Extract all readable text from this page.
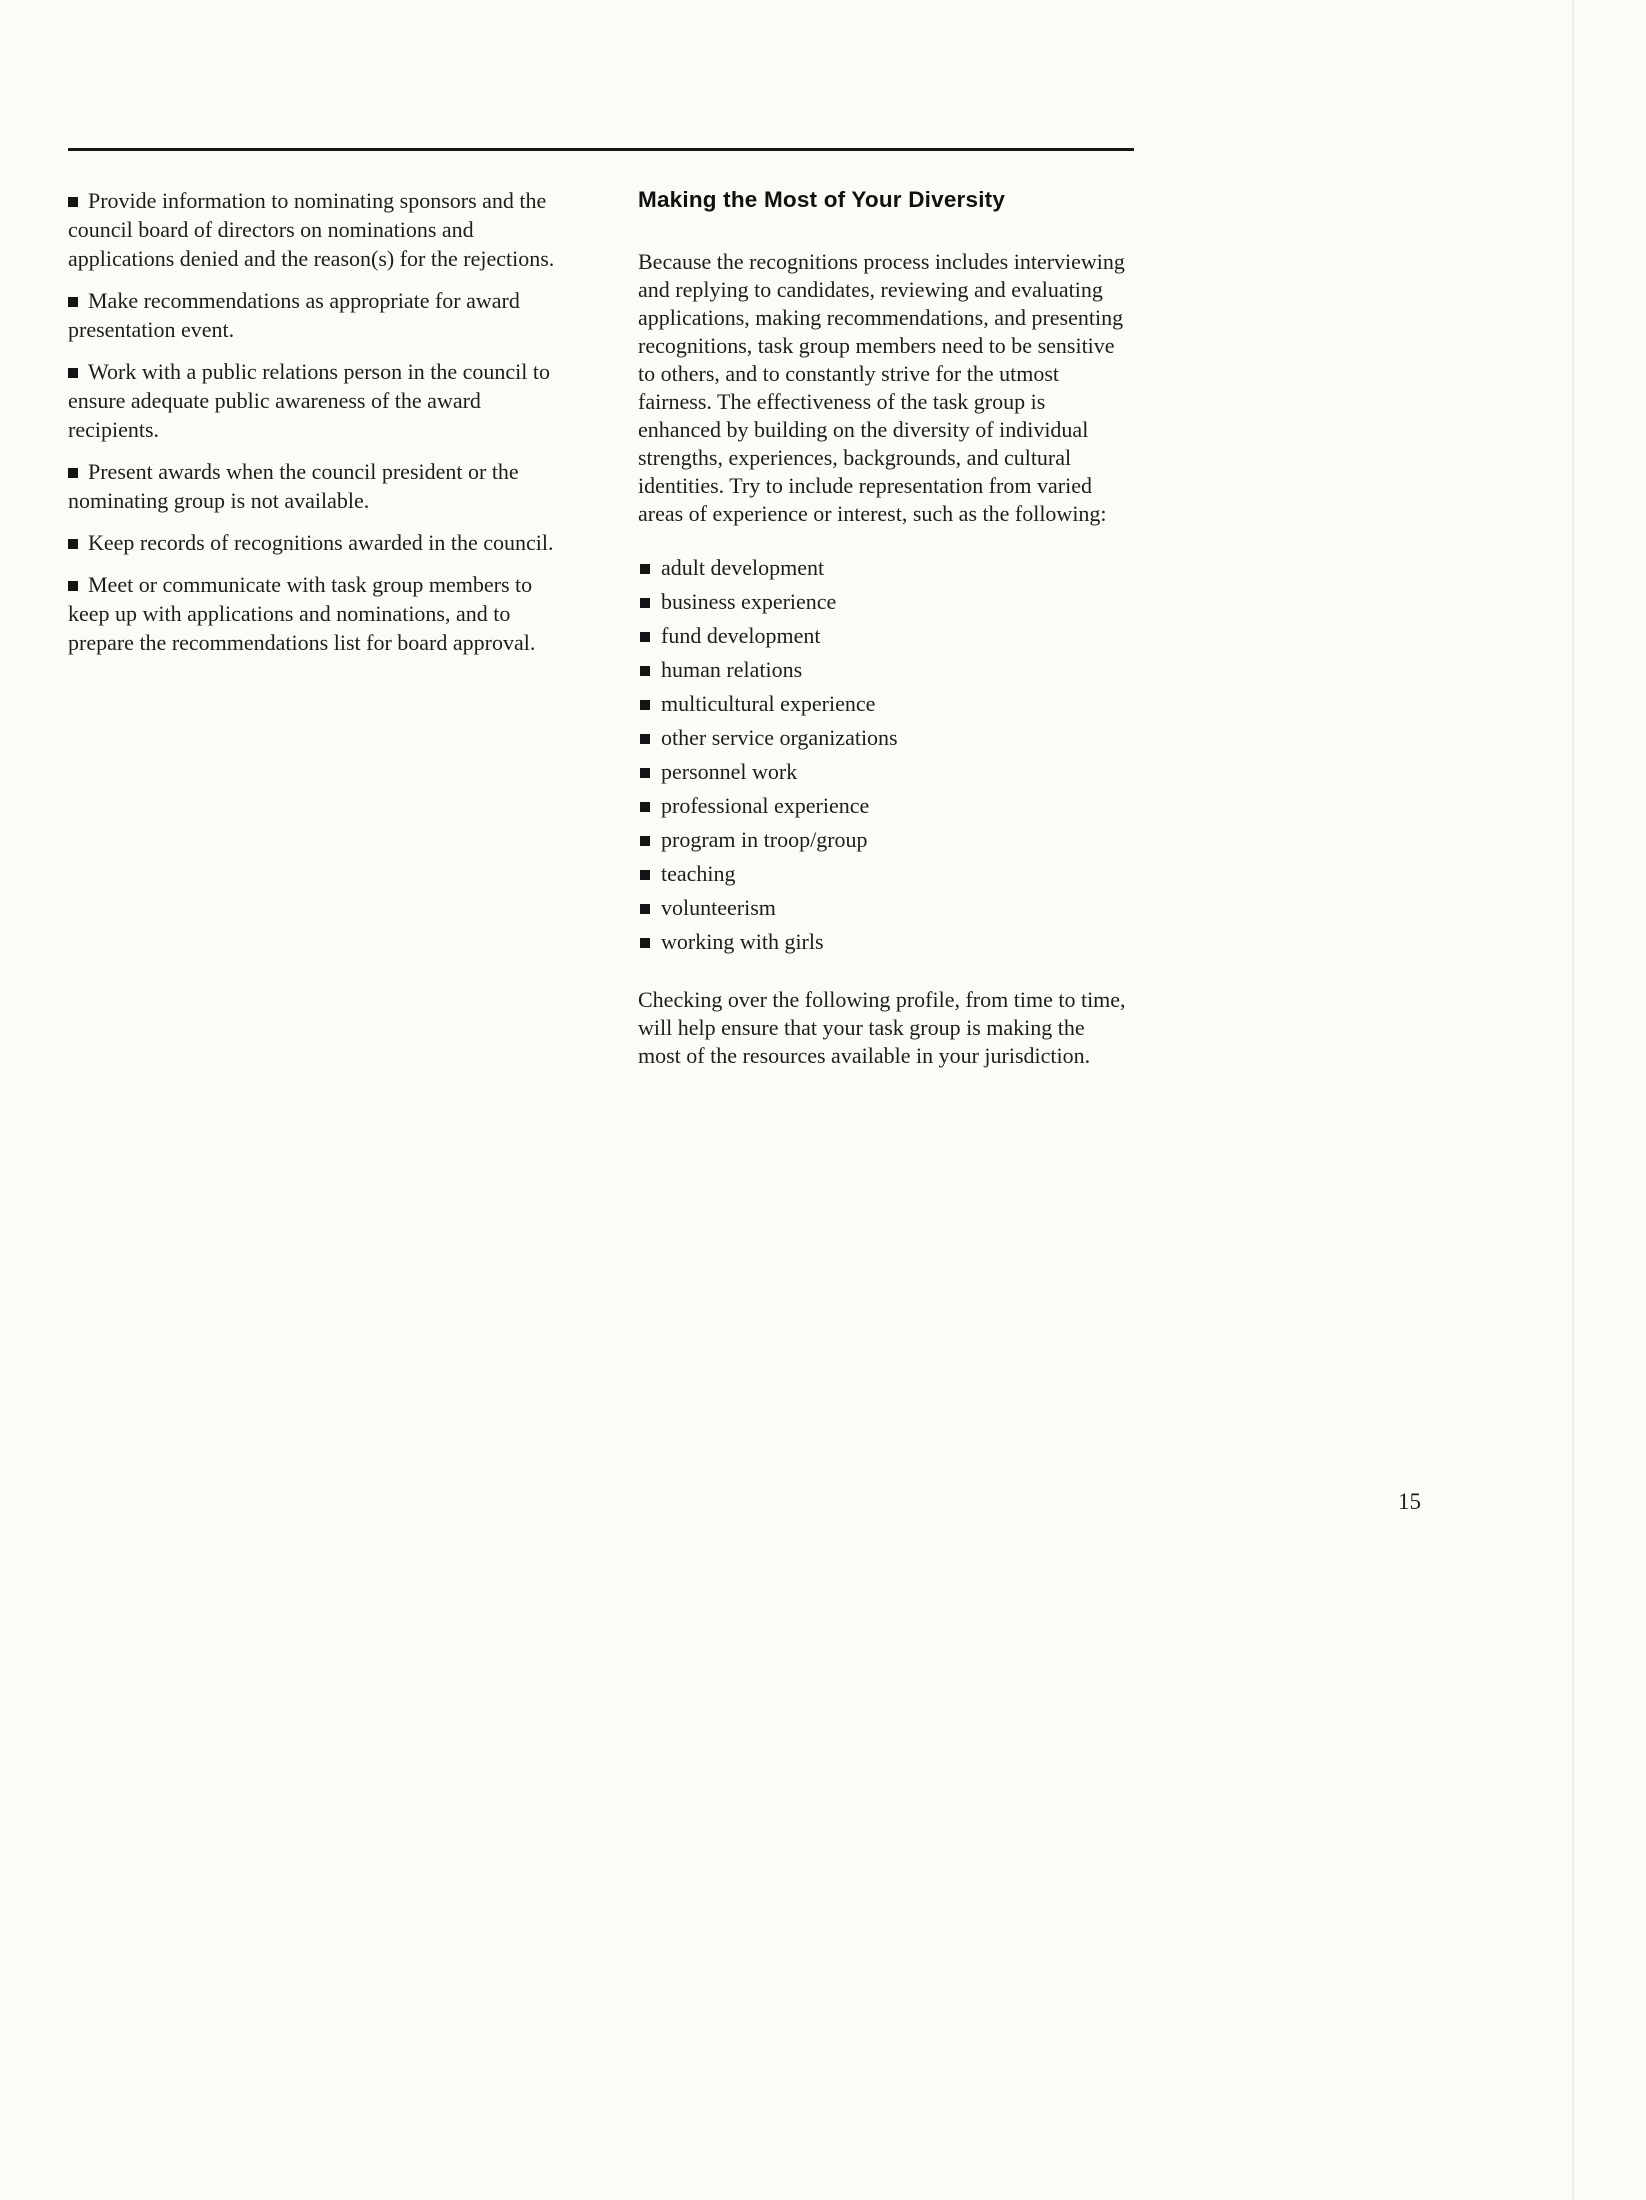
Provide information to nominating sponsors and the council board of directors on nominations and applications denied and the reason(s) for the rejections.
Make recommendations as appropriate for award presentation event.
Work with a public relations person in the council to ensure adequate public awareness of the award recipients.
Present awards when the council president or the nominating group is not available.
Keep records of recognitions awarded in the council.
Meet or communicate with task group members to keep up with applications and nominations, and to prepare the recommendations list for board approval.
Making the Most of Your Diversity

Because the recognitions process includes interviewing and replying to candidates, reviewing and evaluating applications, making recommendations, and presenting recognitions, task group members need to be sensitive to others, and to constantly strive for the utmost fairness. The effectiveness of the task group is enhanced by building on the diversity of individual strengths, experiences, backgrounds, and cultural identities. Try to include representation from varied areas of experience or interest, such as the following:

adult development
business experience
fund development
human relations
multicultural experience
other service organizations
personnel work
professional experience
program in troop/group
teaching
volunteerism
working with girls

Checking over the following profile, from time to time, will help ensure that your task group is making the most of the resources available in your jurisdiction.

15
